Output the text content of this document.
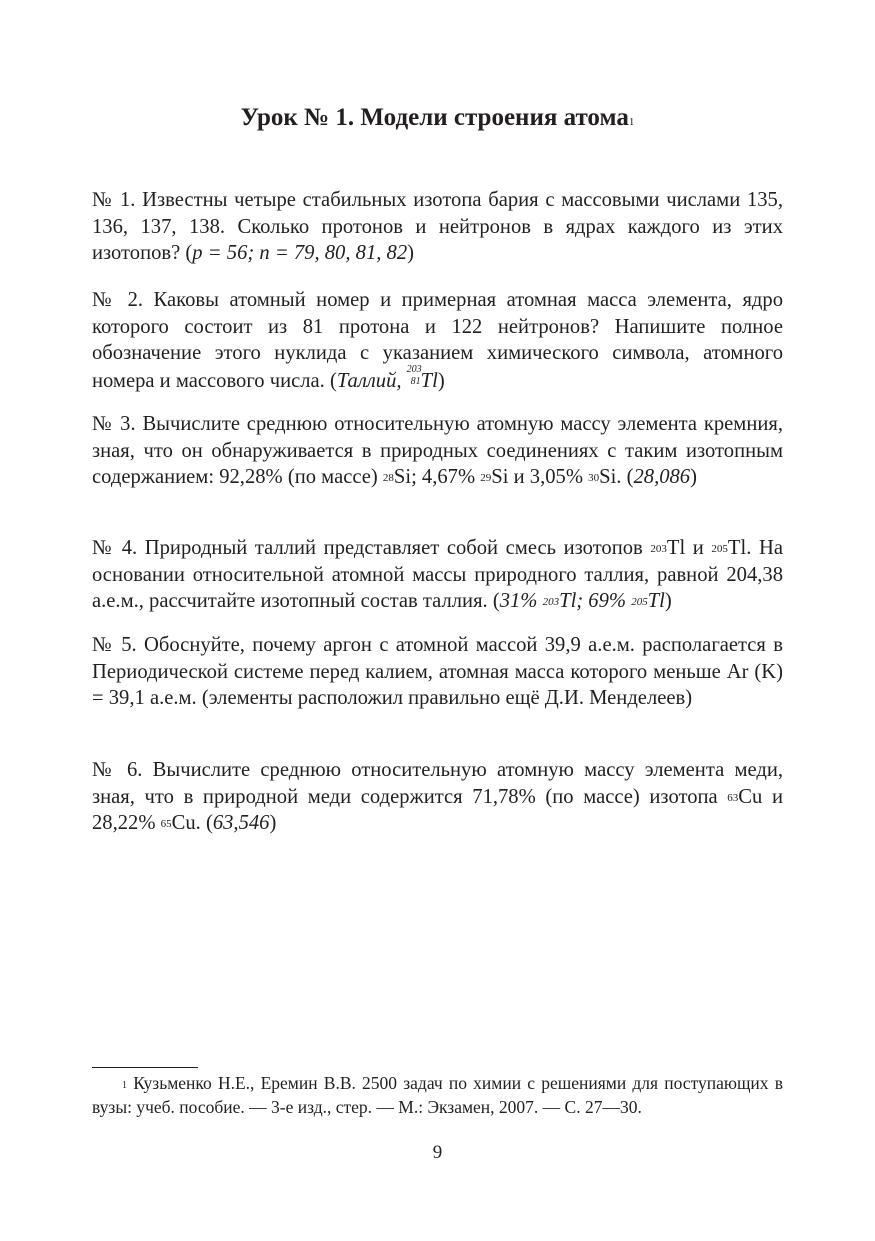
Урок № 1. Модели строения атома$^1$

№ 1. Известны четыре стабильных изотопа бария с массовыми числами 135, 136, 137, 138. Сколько протонов и нейтронов в ядрах каждого из этих изотопов? (p = 56; n = 79, 80, 81, 82)

№ 2. Каковы атомный номер и примерная атомная масса элемента, ядро которого состоит из 81 протона и 122 нейтронов? Напишите полное обозначение этого нуклида с указанием химического символа, атомного номера и массового числа. (Таллий,
203
81 Tl)

№ 3. Вычислите среднюю относительную атомную массу элемента кремния, зная, что он обнаруживается в природных соединениях с таким изотопным содержанием: 92,28% (по массе) $^{28}$Si; 4,67% $^{29}$Si и 3,05% $^{30}$Si. (28,086)

№ 4. Природный таллий представляет собой смесь изотопов $^{203}$Tl и $^{205}$Tl. На основании относительной атомной массы природного таллия, равной 204,38 а.е.м., рассчитайте изотопный состав таллия. (31% $^{203}$Tl; 69% $^{205}$Tl)

№ 5. Обоснуйте, почему аргон с атомной массой 39,9 а.е.м. располагается в Периодической системе перед калием, атомная масса которого меньше Ar (K) = 39,1 а.е.м. (элементы расположил правильно ещё Д.И. Менделеев)

№ 6. Вычислите среднюю относительную атомную массу элемента меди, зная, что в природной меди содержится 71,78% (по массе) изотопа $^{63}$Cu и 28,22% $^{65}$Cu. (63,546)

$^1$ Кузьменко Н.Е., Еремин В.В. 2500 задач по химии с решениями для поступающих в вузы: учеб. пособие. — 3-е изд., стер. — М.: Экзамен, 2007. — С. 27—30.

9
